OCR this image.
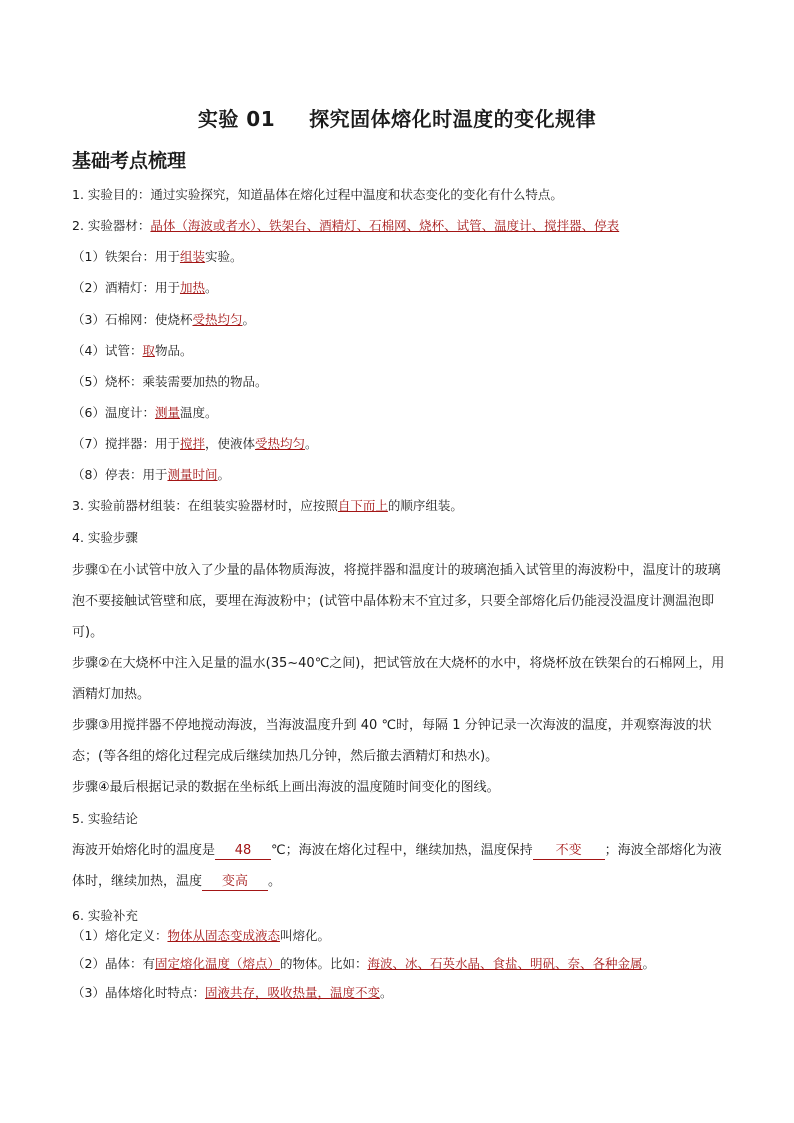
实验 01 探究固体熔化时温度的变化规律
基础考点梳理
1. 实验目的：通过实验探究，知道晶体在熔化过程中温度和状态变化的变化有什么特点。
2. 实验器材：晶体（海波或者水）、铁架台、酒精灯、石棉网、烧杯、试管、温度计、搅拌器、停表
（1）铁架台：用于组装实验。
（2）酒精灯：用于加热。
（3）石棉网：使烧杯受热均匀。
（4）试管：取物品。
（5）烧杯：乘装需要加热的物品。
（6）温度计：测量温度。
（7）搅拌器：用于搅拌，使液体受热均匀。
（8）停表：用于测量时间。
3. 实验前器材组装：在组装实验器材时，应按照自下而上的顺序组装。
4. 实验步骤
步骤①在小试管中放入了少量的晶体物质海波，将搅拌器和温度计的玻璃泡插入试管里的海波粉中，温度计的玻璃泡不要接触试管壁和底，要埋在海波粉中；(试管中晶体粉末不宜过多，只要全部熔化后仍能浸没温度计测温泡即可)。
步骤②在大烧杯中注入足量的温水(35~40℃之间)，把试管放在大烧杯的水中，将烧杯放在铁架台的石棉网上，用酒精灯加热。
步骤③用搅拌器不停地搅动海波，当海波温度升到 40 ℃时，每隔 1 分钟记录一次海波的温度，并观察海波的状态；(等各组的熔化过程完成后继续加热几分钟，然后撤去酒精灯和热水)。
步骤④最后根据记录的数据在坐标纸上画出海波的温度随时间变化的图线。
5. 实验结论
海波开始熔化时的温度是 48 ℃；海波在熔化过程中，继续加热，温度保持 不变 ；海波全部熔化为液体时，继续加热，温度 变高 。
6. 实验补充
（1）熔化定义：物体从固态变成液态叫熔化。
（2）晶体：有固定熔化温度（熔点）的物体。比如：海波、冰、石英水晶、食盐、明矾、奈、各种金属。
（3）晶体熔化时特点：固液共存，吸收热量，温度不变。
